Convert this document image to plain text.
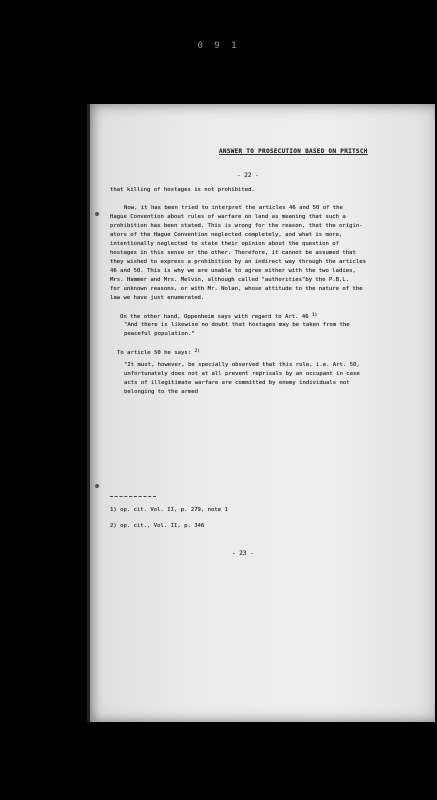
0 9 1
ANSWER TO PROSECUTION BASED ON PRITSCH
- 22 -
that killing of hostages is not prohibited.
Now, it has been tried to interpret the articles 46 and 50 of the
Hague Convention about rules of warfare on land as meaning that such a
prohibition has been stated. This is wrong for the reason, that the origin-
ators of the Hague Convention neglected completely, and what is more,
intentionally neglected to state their opinion about the question of
hostages in this sense or the other. Therefore, it cannot be assumed that
they wished to express a prohibition by an indirect way through the articles
46 and 50. This is why we are unable to agree either with the two ladies,
Mrs. Hammer and Mrs. Melvin, although called "authorities"by the P.B.L.
for unknown reasons, or with Mr. Nolan, whose attitude to the nature of the
law we have just enumerated.
On the other hand, Oppenheim says with regard to Art. 46 $^{1)}$
"And there is likewise no doubt that hostages may be taken from the
peaceful population."
To article 50 he says: $^{2)}$
"It must, however, be specially observed that this rule, i.e. Art. 50,
unfortunately does not at all prevent reprisals by an occupant in case
acts of illegitimate warfare are committed by enemy individuals not
belonging to the armed
1) op. cit. Vol. II, p. 279, note 1
2) op. cit., Vol. II, p. 346
- 23 -
